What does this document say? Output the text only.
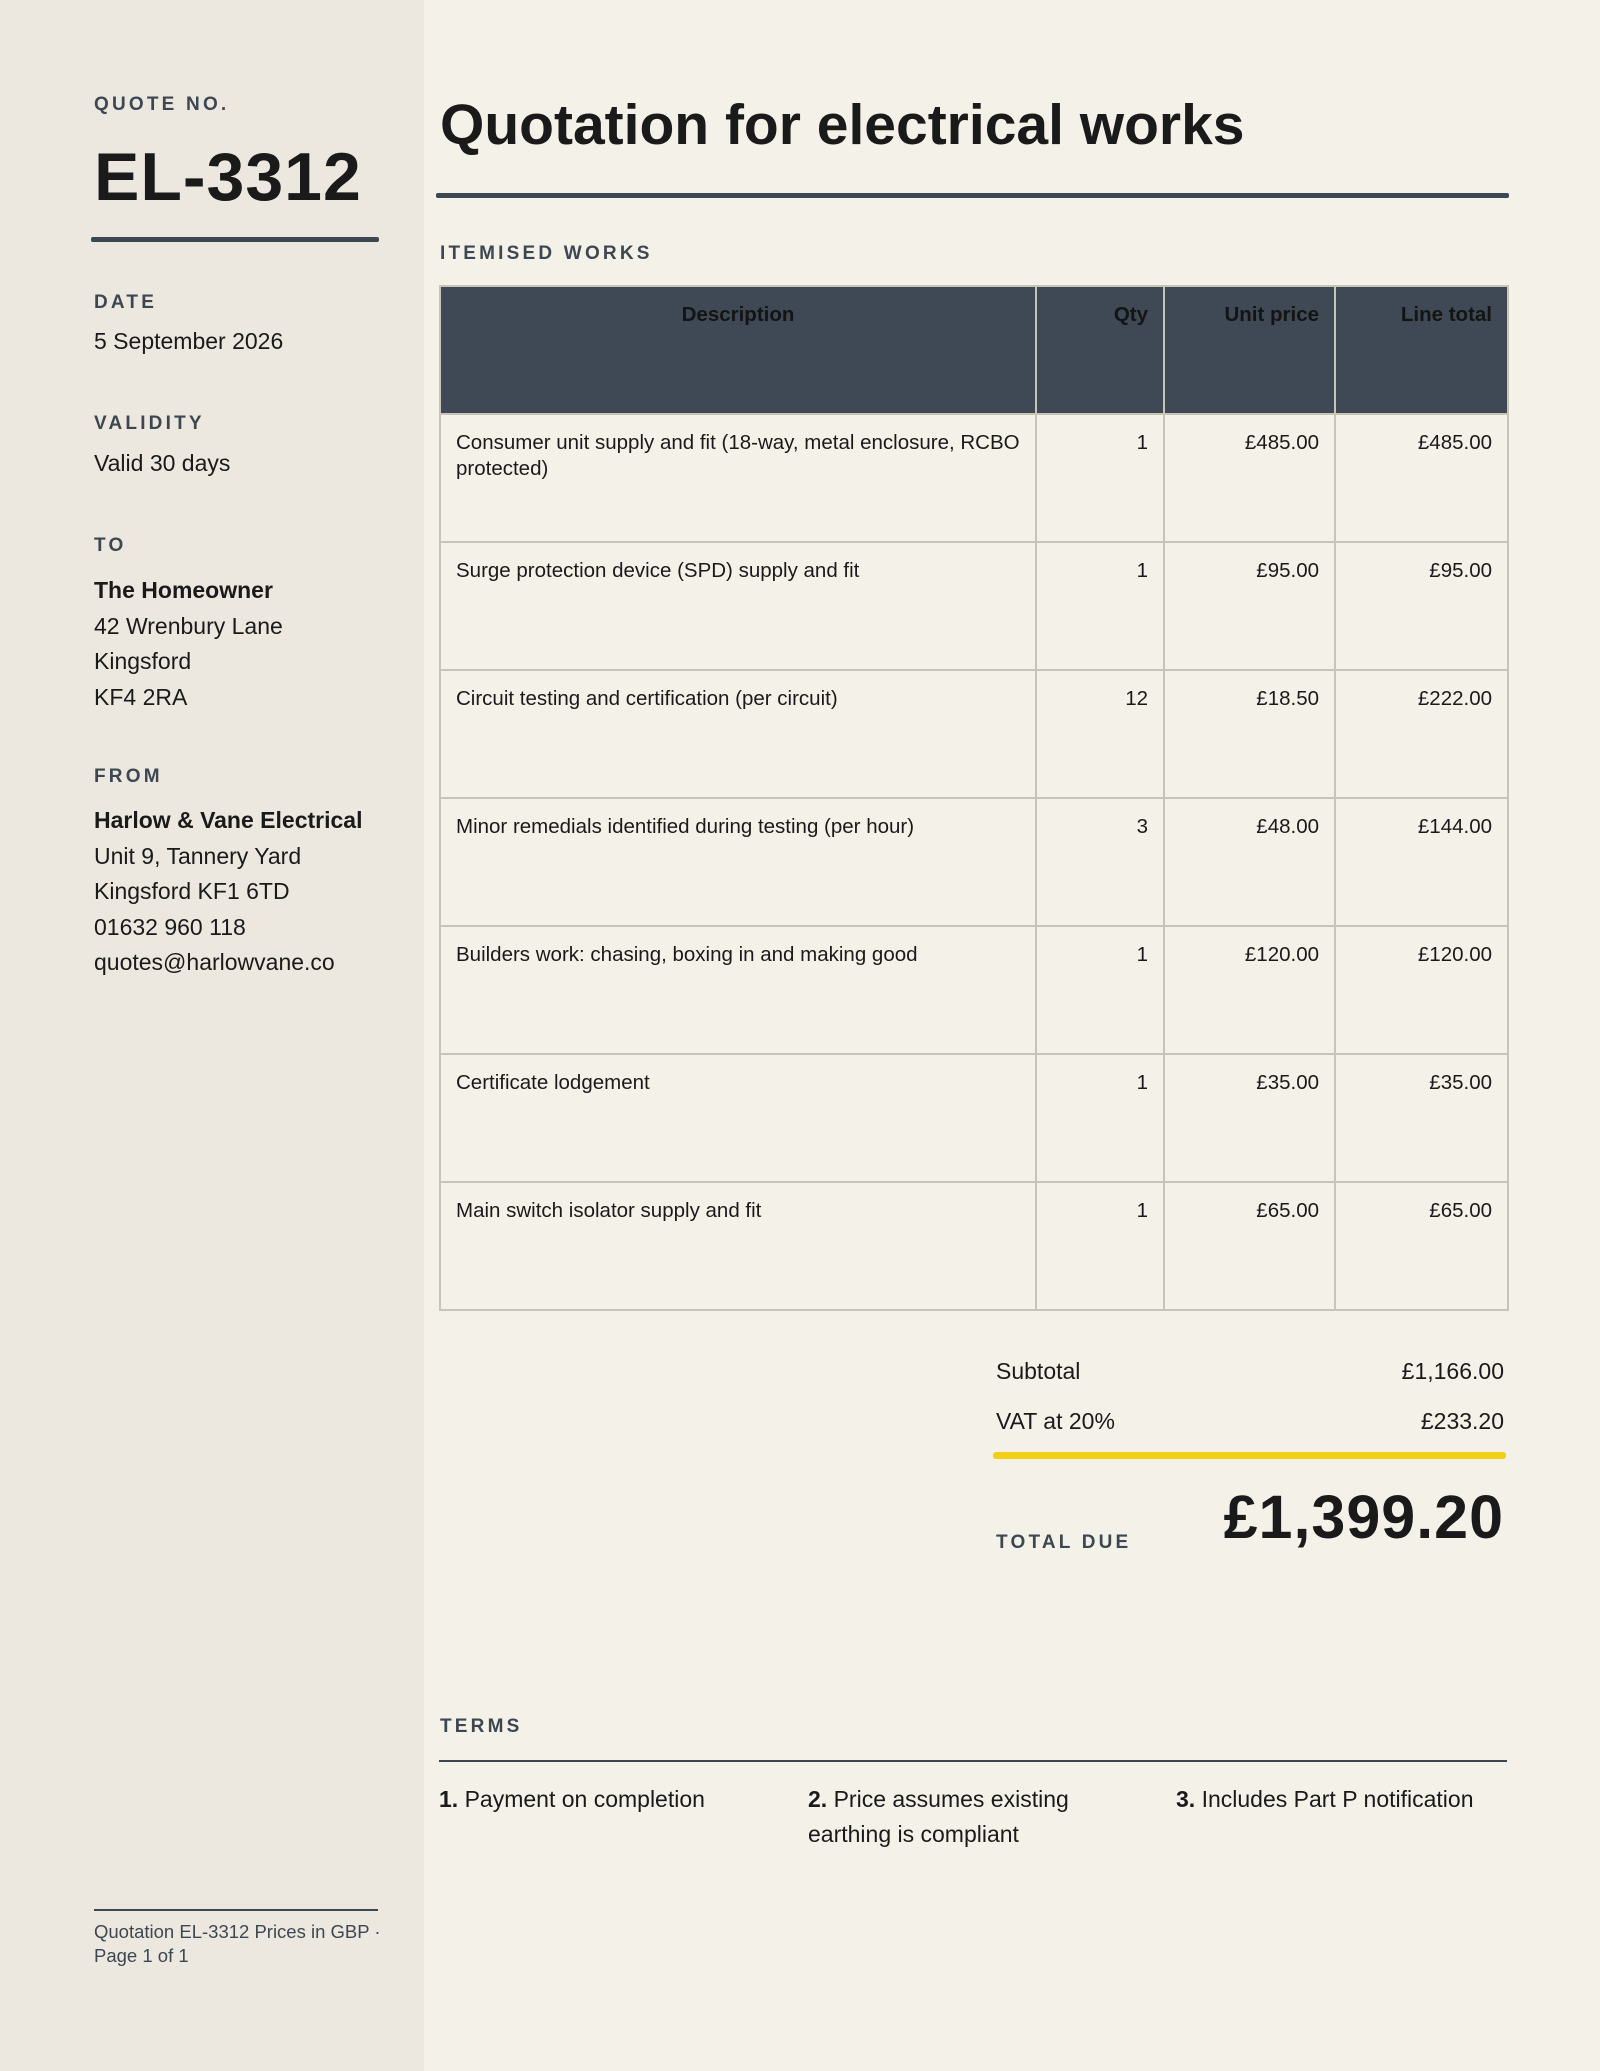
QUOTE NO.
EL-3312
DATE
5 September 2026
VALIDITY
Valid 30 days
TO
The Homeowner
42 Wrenbury Lane
Kingsford
KF4 2RA
FROM
Harlow & Vane Electrical
Unit 9, Tannery Yard
Kingsford KF1 6TD
01632 960 118
quotes@harlowvane.co
Quotation EL-3312 Prices in GBP · Page 1 of 1
Quotation for electrical works
ITEMISED WORKS
Description	Qty	Unit price	Line total
Consumer unit supply and fit (18-way, metal enclosure, RCBO protected)	1	£485.00	£485.00
Surge protection device (SPD) supply and fit	1	£95.00	£95.00
Circuit testing and certification (per circuit)	12	£18.50	£222.00
Minor remedials identified during testing (per hour)	3	£48.00	£144.00
Builders work: chasing, boxing in and making good	1	£120.00	£120.00
Certificate lodgement	1	£35.00	£35.00
Main switch isolator supply and fit	1	£65.00	£65.00
Subtotal	£1,166.00
VAT at 20%	£233.20
TOTAL DUE £1,399.20
TERMS
1. Payment on completion	2. Price assumes existing earthing is compliant
3. Includes Part P notification
